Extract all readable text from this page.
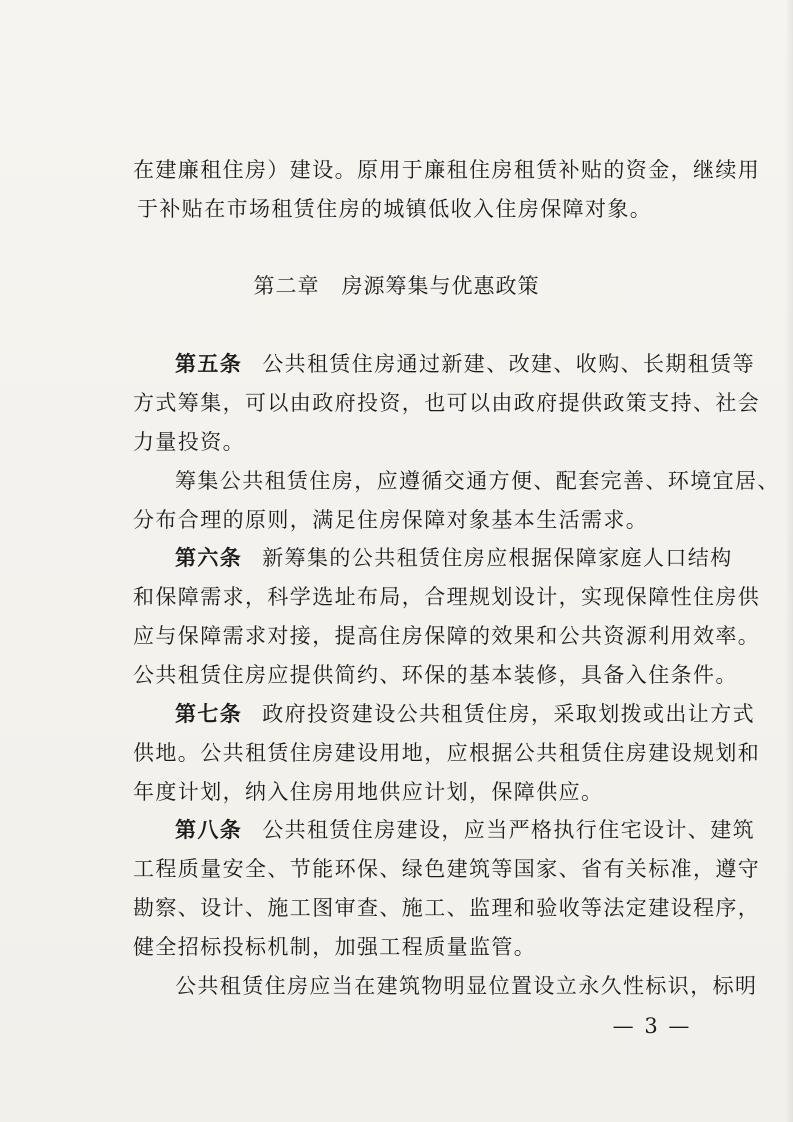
在建廉租住房）建设。原用于廉租住房租赁补贴的资金，继续用
于补贴在市场租赁住房的城镇低收入住房保障对象。
第二章　房源筹集与优惠政策
第五条 公共租赁住房通过新建、改建、收购、长期租赁等
方式筹集，可以由政府投资，也可以由政府提供政策支持、社会
力量投资。
筹集公共租赁住房，应遵循交通方便、配套完善、环境宜居、
分布合理的原则，满足住房保障对象基本生活需求。
第六条 新筹集的公共租赁住房应根据保障家庭人口结构
和保障需求，科学选址布局，合理规划设计，实现保障性住房供
应与保障需求对接，提高住房保障的效果和公共资源利用效率。
公共租赁住房应提供简约、环保的基本装修，具备入住条件。
第七条 政府投资建设公共租赁住房，采取划拨或出让方式
供地。公共租赁住房建设用地，应根据公共租赁住房建设规划和
年度计划，纳入住房用地供应计划，保障供应。
第八条 公共租赁住房建设，应当严格执行住宅设计、建筑
工程质量安全、节能环保、绿色建筑等国家、省有关标准，遵守
勘察、设计、施工图审查、施工、监理和验收等法定建设程序，
健全招标投标机制，加强工程质量监管。
公共租赁住房应当在建筑物明显位置设立永久性标识，标明
— 3 —
